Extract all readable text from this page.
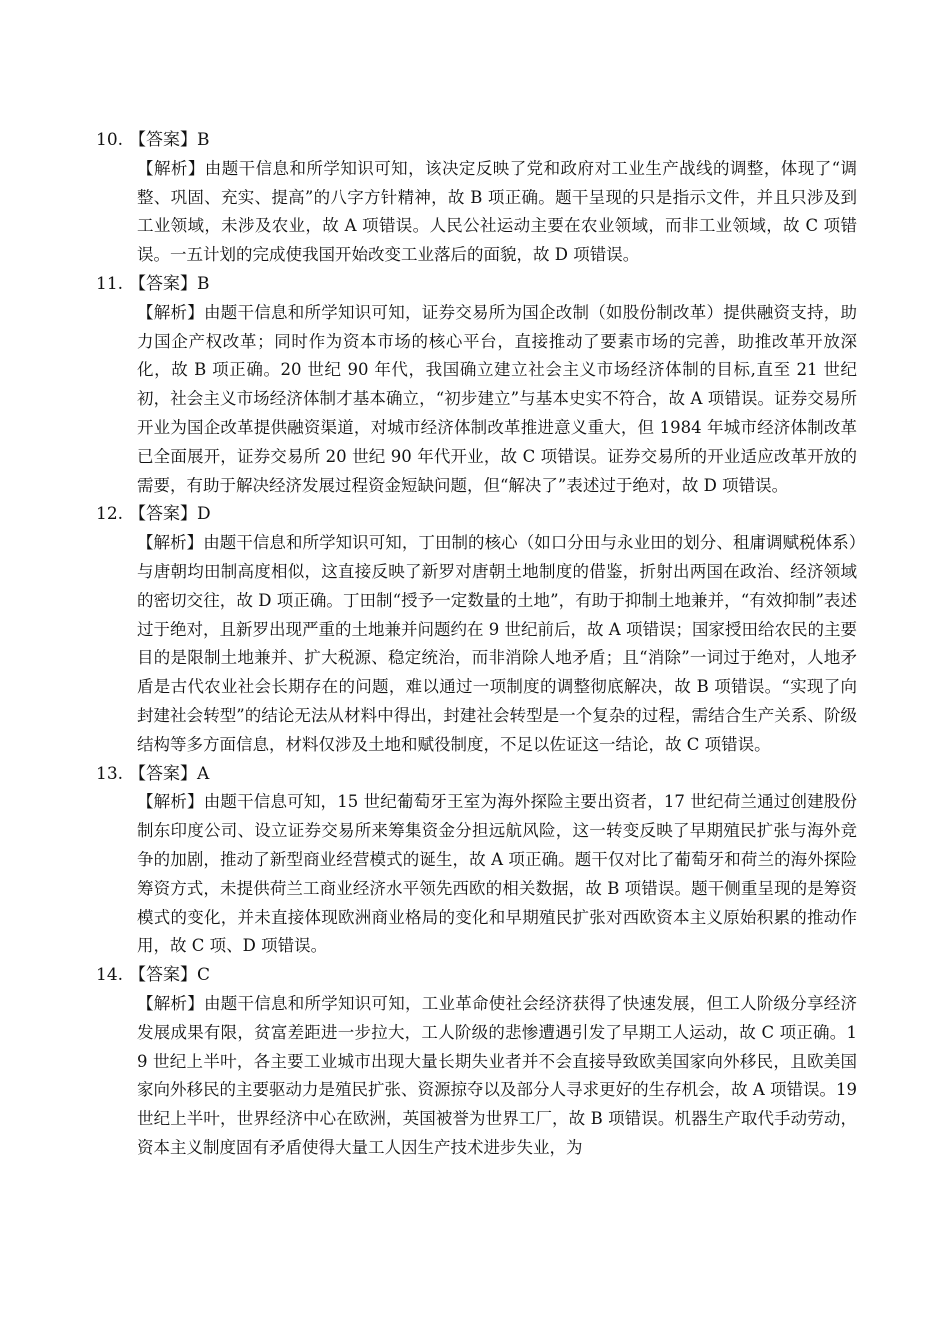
10. 【答案】B
【解析】由题干信息和所学知识可知，该决定反映了党和政府对工业生产战线的调整，体现了“调整、巩固、充实、提高”的八字方针精神，故 B 项正确。题干呈现的只是指示文件，并且只涉及到工业领域，未涉及农业，故 A 项错误。人民公社运动主要在农业领域，而非工业领域，故 C 项错误。一五计划的完成使我国开始改变工业落后的面貌，故 D 项错误。
11. 【答案】B
【解析】由题干信息和所学知识可知，证券交易所为国企改制（如股份制改革）提供融资支持，助力国企产权改革；同时作为资本市场的核心平台，直接推动了要素市场的完善，助推改革开放深化，故 B 项正确。20 世纪 90 年代，我国确立建立社会主义市场经济体制的目标,直至 21 世纪初，社会主义市场经济体制才基本确立，“初步建立”与基本史实不符合，故 A 项错误。证券交易所开业为国企改革提供融资渠道，对城市经济体制改革推进意义重大，但 1984 年城市经济体制改革已全面展开，证券交易所 20 世纪 90 年代开业，故 C 项错误。证券交易所的开业适应改革开放的需要，有助于解决经济发展过程资金短缺问题，但“解决了”表述过于绝对，故 D 项错误。
12. 【答案】D
【解析】由题干信息和所学知识可知，丁田制的核心（如口分田与永业田的划分、租庸调赋税体系）与唐朝均田制高度相似，这直接反映了新罗对唐朝土地制度的借鉴，折射出两国在政治、经济领域的密切交往，故 D 项正确。丁田制“授予一定数量的土地”，有助于抑制土地兼并，“有效抑制”表述过于绝对，且新罗出现严重的土地兼并问题约在 9 世纪前后，故 A 项错误；国家授田给农民的主要目的是限制土地兼并、扩大税源、稳定统治，而非消除人地矛盾；且“消除”一词过于绝对，人地矛盾是古代农业社会长期存在的问题，难以通过一项制度的调整彻底解决，故 B 项错误。“实现了向封建社会转型”的结论无法从材料中得出，封建社会转型是一个复杂的过程，需结合生产关系、阶级结构等多方面信息，材料仅涉及土地和赋役制度，不足以佐证这一结论，故 C 项错误。
13. 【答案】A
【解析】由题干信息可知，15 世纪葡萄牙王室为海外探险主要出资者，17 世纪荷兰通过创建股份制东印度公司、设立证券交易所来筹集资金分担远航风险，这一转变反映了早期殖民扩张与海外竞争的加剧，推动了新型商业经营模式的诞生，故 A 项正确。题干仅对比了葡萄牙和荷兰的海外探险筹资方式，未提供荷兰工商业经济水平领先西欧的相关数据，故 B 项错误。题干侧重呈现的是筹资模式的变化，并未直接体现欧洲商业格局的变化和早期殖民扩张对西欧资本主义原始积累的推动作用，故 C 项、D 项错误。
14. 【答案】C
【解析】由题干信息和所学知识可知，工业革命使社会经济获得了快速发展，但工人阶级分享经济发展成果有限，贫富差距进一步拉大，工人阶级的悲惨遭遇引发了早期工人运动，故 C 项正确。19 世纪上半叶，各主要工业城市出现大量长期失业者并不会直接导致欧美国家向外移民，且欧美国家向外移民的主要驱动力是殖民扩张、资源掠夺以及部分人寻求更好的生存机会，故 A 项错误。19 世纪上半叶，世界经济中心在欧洲，英国被誉为世界工厂，故 B 项错误。机器生产取代手动劳动，资本主义制度固有矛盾使得大量工人因生产技术进步失业，为
